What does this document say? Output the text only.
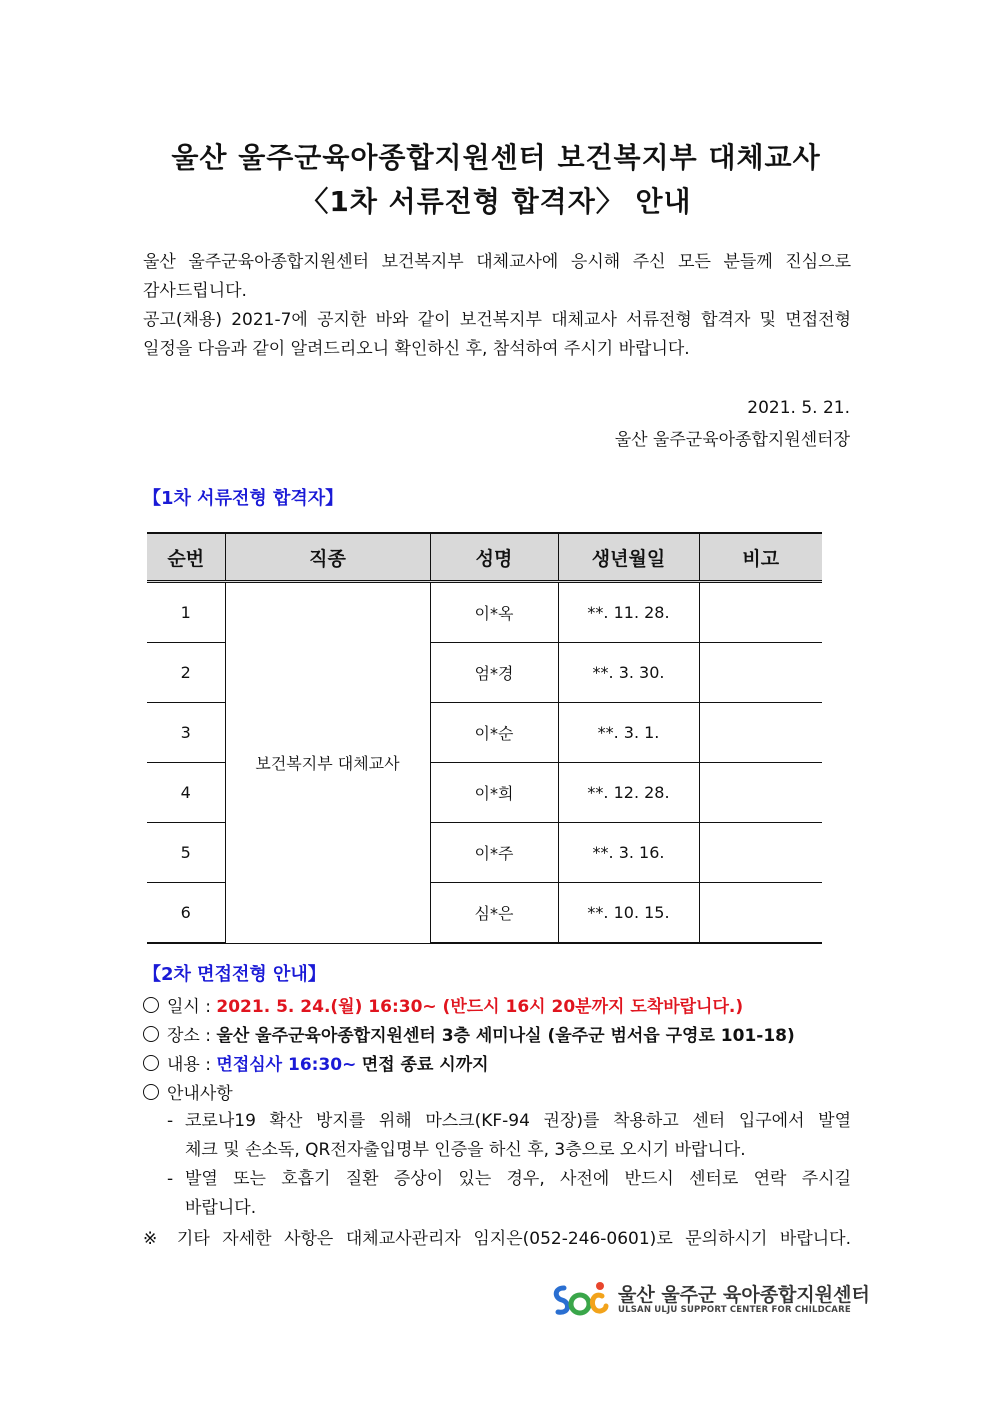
울산 울주군육아종합지원센터 보건복지부 대체교사
〈1차 서류전형 합격자〉 안내
울산 울주군육아종합지원센터 보건복지부 대체교사에 응시해 주신 모든 분들께 진심으로
감사드립니다.
공고(채용) 2021-7에 공지한 바와 같이 보건복지부 대체교사 서류전형 합격자 및 면접전형
일정을 다음과 같이 알려드리오니 확인하신 후, 참석하여 주시기 바랍니다.
2021. 5. 21.
울산 울주군육아종합지원센터장
【1차 서류전형 합격자】
순번	직종	성명	생년월일	비고
1	보건복지부 대체교사	이*옥	**. 11. 28.	
2		엄*경	**. 3. 30.	
3		이*순	**. 3. 1.	
4		이*희	**. 12. 28.	
5		이*주	**. 3. 16.	
6		심*은	**. 10. 15.	
【2차 면접전형 안내】
일시 : 2021. 5. 24.(월) 16:30~ (반드시 16시 20분까지 도착바랍니다.)
장소 : 울산 울주군육아종합지원센터 3층 세미나실 (울주군 범서읍 구영로 101-18)
내용 : 면접심사 16:30~ 면접 종료 시까지
안내사항
- 코로나19 확산 방지를 위해 마스크(KF-94 권장)를 착용하고 센터 입구에서 발열
체크 및 손소독, QR전자출입명부 인증을 하신 후, 3층으로 오시기 바랍니다.
- 발열 또는 호흡기 질환 증상이 있는 경우, 사전에 반드시 센터로 연락 주시길
바랍니다.
※ 기타 자세한 사항은 대체교사관리자 임지은(052-246-0601)로 문의하시기 바랍니다.
울산 울주군 육아종합지원센터
ULSAN ULJU SUPPORT CENTER FOR CHILDCARE
